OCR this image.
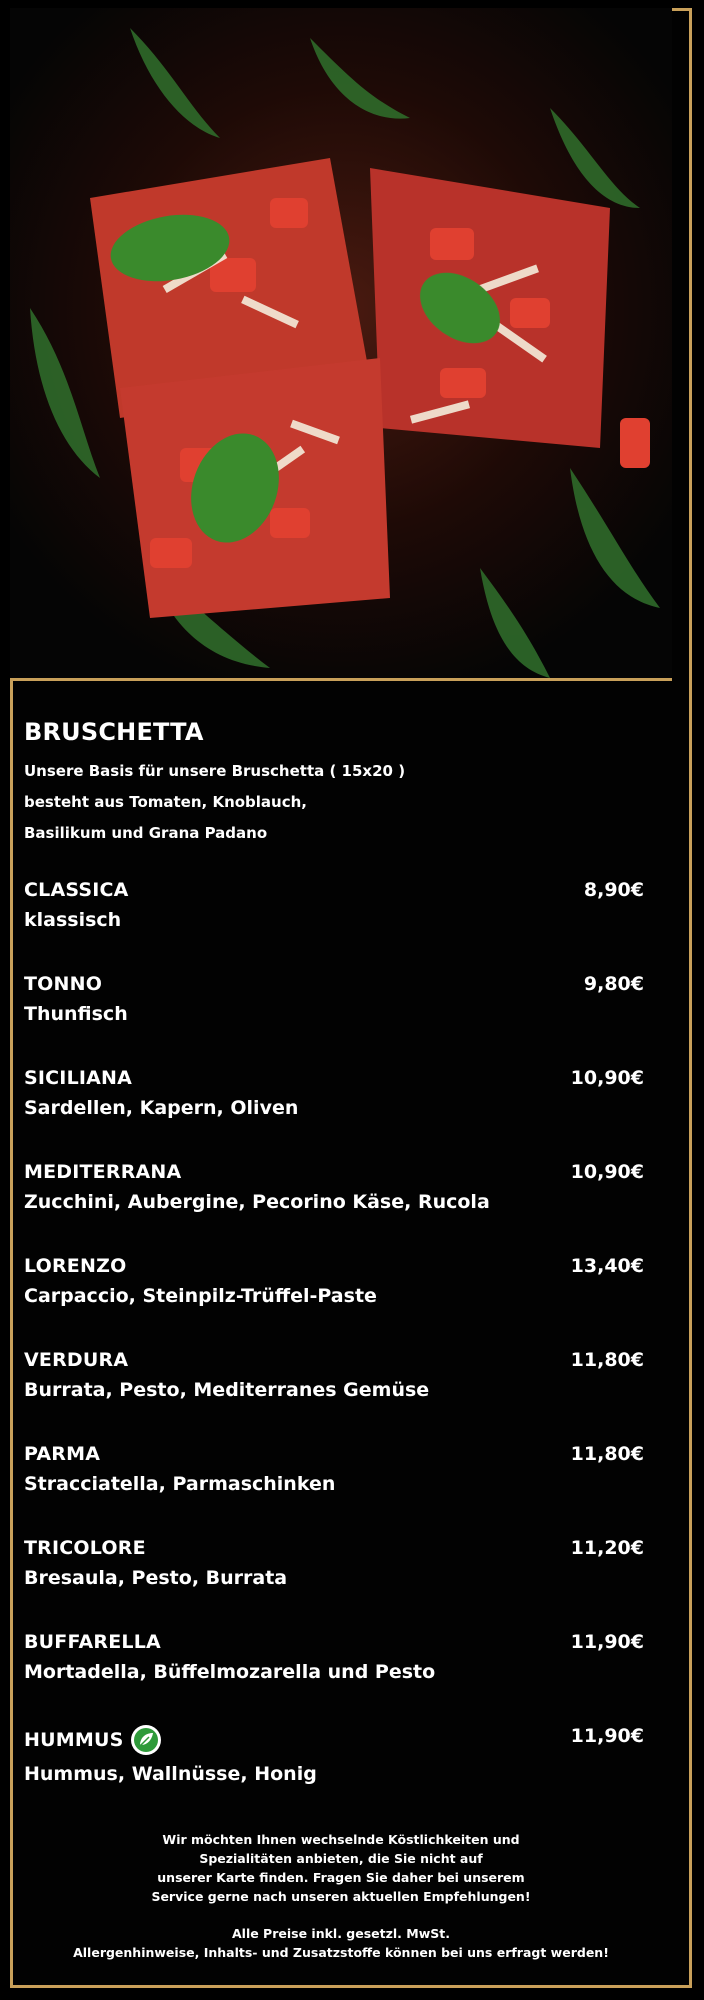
BRUSCHETTA
Unsere Basis für unsere Bruschetta ( 15x20 )
besteht aus Tomaten, Knoblauch,
Basilikum und Grana Padano
CLASSICA
klassisch
8,90€
TONNO
Thunfisch
9,80€
SICILIANA
Sardellen, Kapern, Oliven
10,90€
MEDITERRANA
Zucchini, Aubergine, Pecorino Käse, Rucola
10,90€
LORENZO
Carpaccio, Steinpilz-Trüffel-Paste
13,40€
VERDURA
Burrata, Pesto, Mediterranes Gemüse
11,80€
PARMA
Stracciatella, Parmaschinken
11,80€
TRICOLORE
Bresaula, Pesto, Burrata
11,20€
BUFFARELLA
Mortadella, Büffelmozarella und Pesto
11,90€
HUMMUS
Hummus, Wallnüsse, Honig
11,90€
Wir möchten Ihnen wechselnde Köstlichkeiten und
Spezialitäten anbieten, die Sie nicht auf
unserer Karte finden. Fragen Sie daher bei unserem
Service gerne nach unseren aktuellen Empfehlungen!
Alle Preise inkl. gesetzl. MwSt.
Allergenhinweise, Inhalts- und Zusatzstoffe können bei uns erfragt werden!
